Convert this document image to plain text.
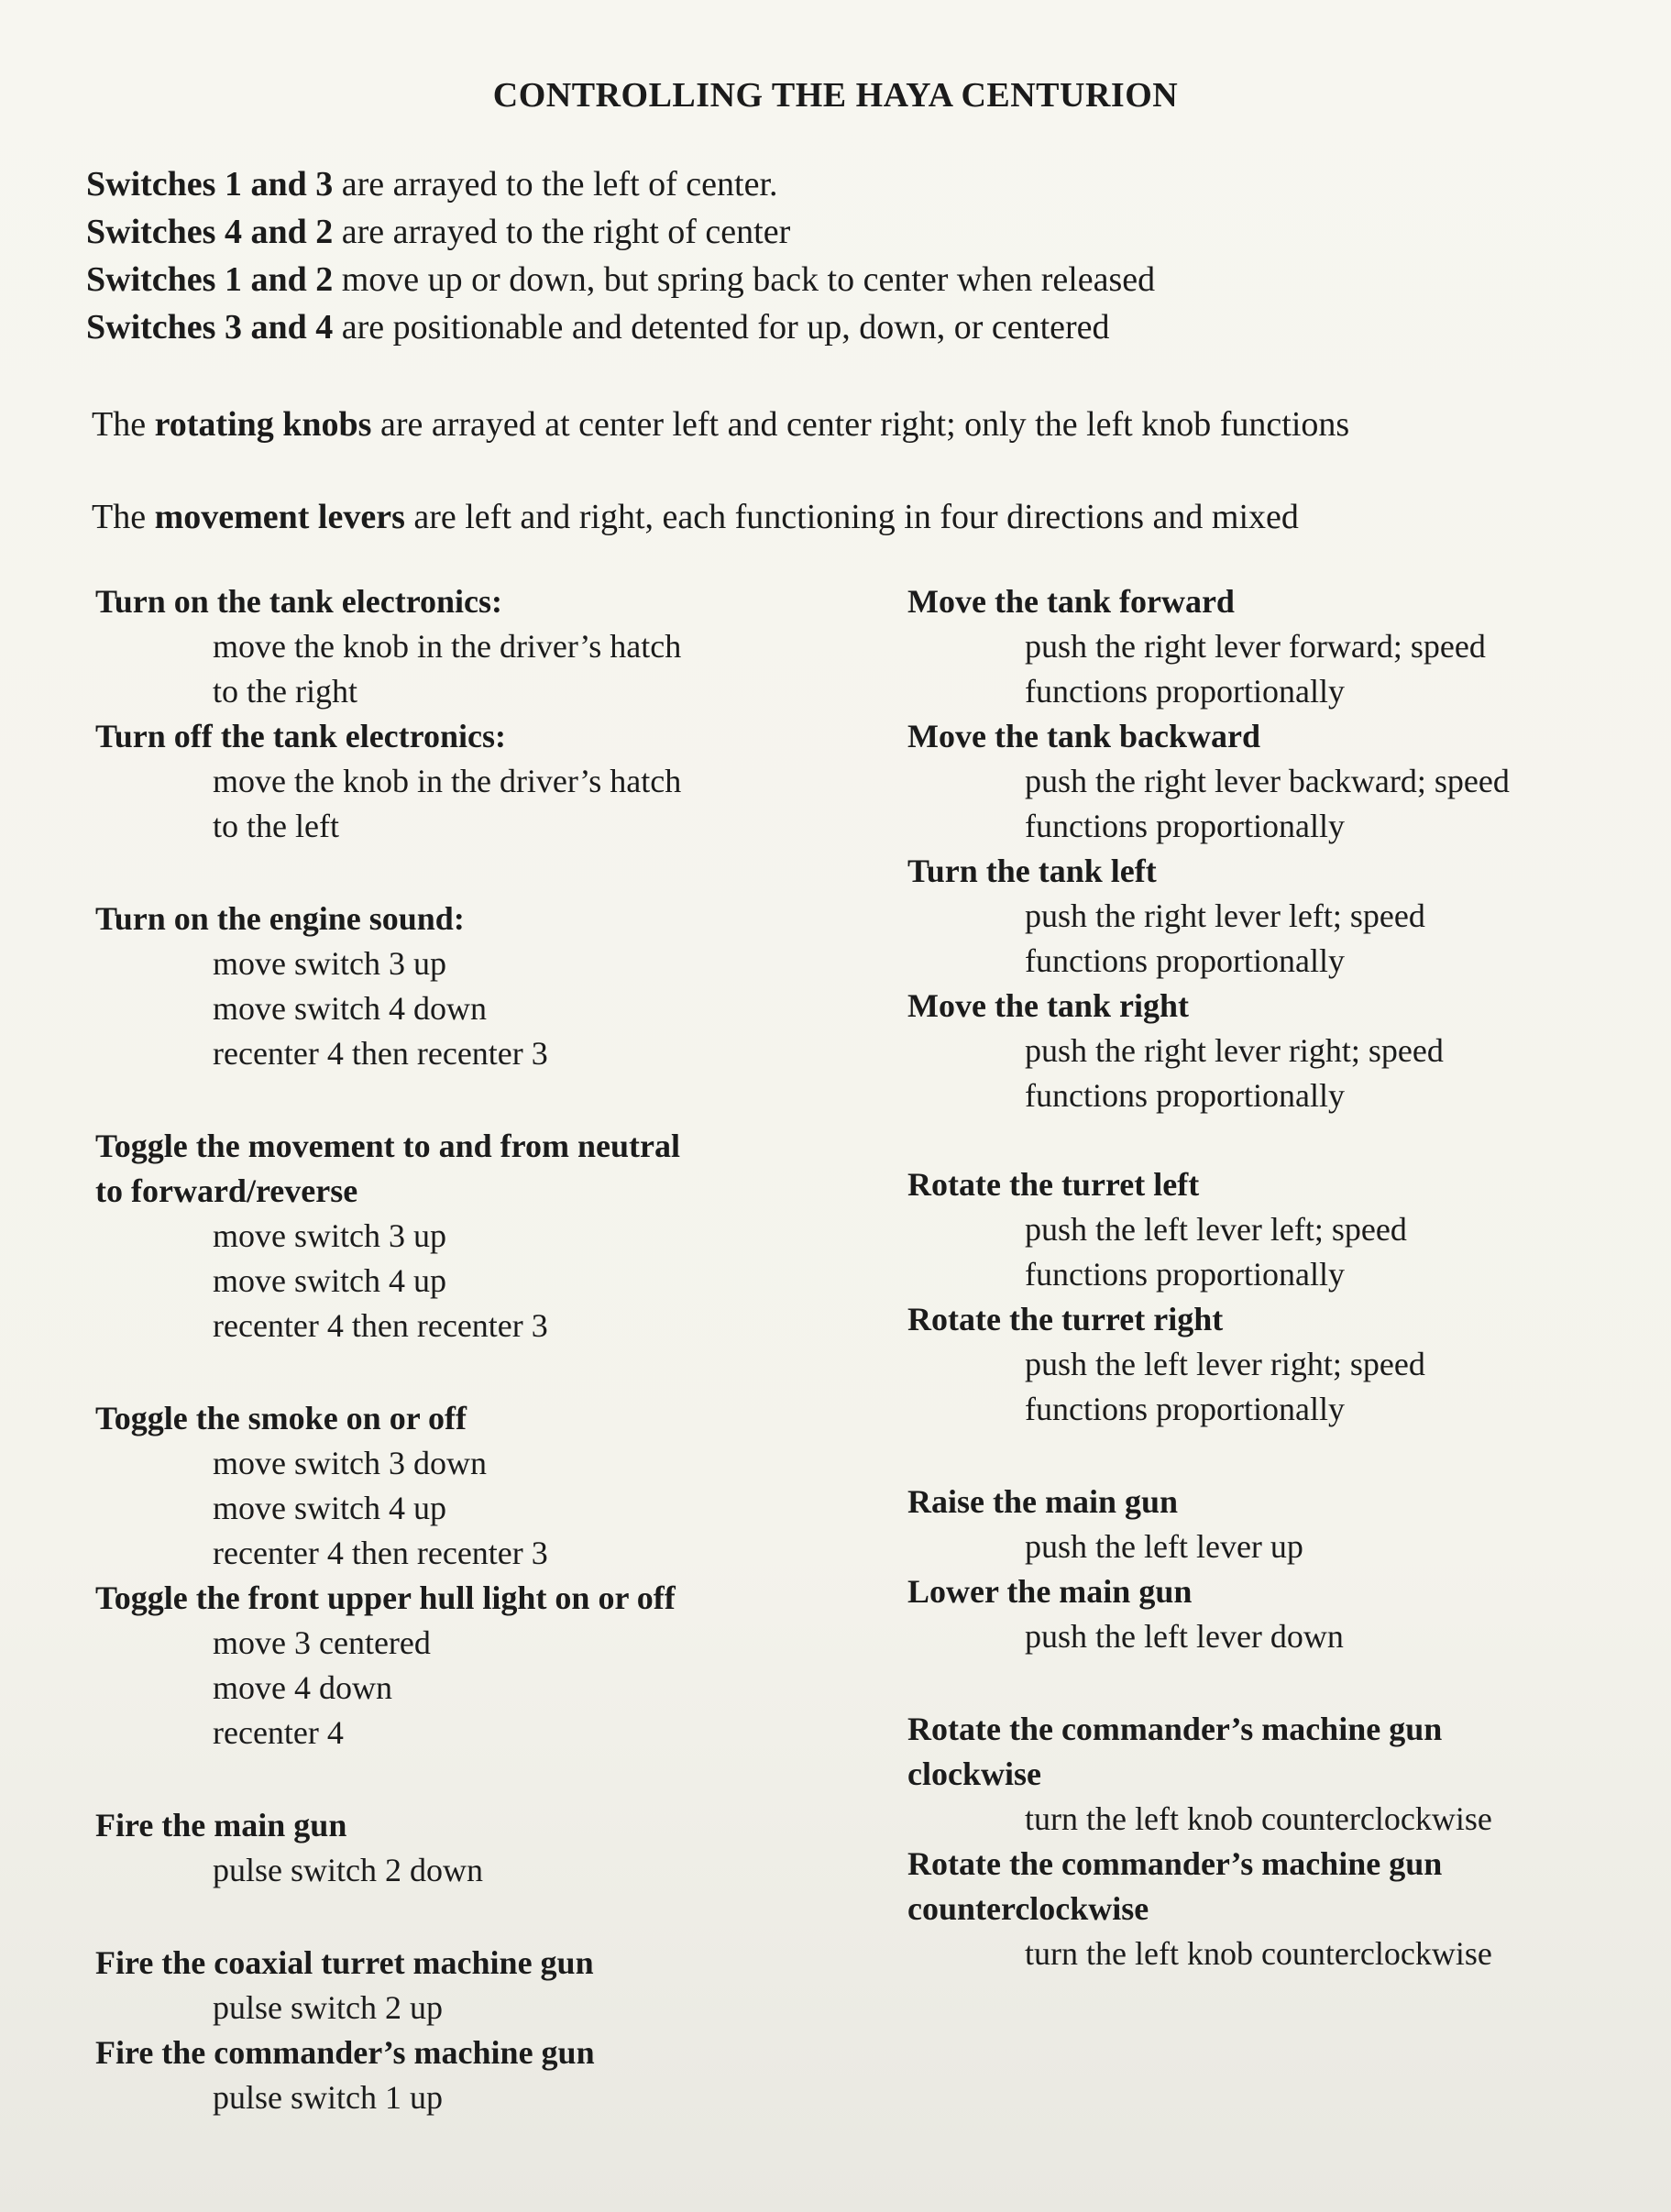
CONTROLLING THE HAYA CENTURION
Switches 1 and 3 are arrayed to the left of center.
Switches 4 and 2 are arrayed to the right of center
Switches 1 and 2 move up or down, but spring back to center when released
Switches 3 and 4 are positionable and detented for up, down, or centered
The rotating knobs are arrayed at center left and center right; only the left knob functions
The movement levers are left and right, each functioning in four directions and mixed
Turn on the tank electronics:
move the knob in the driver’s hatch
to the right
Turn off the tank electronics:
move the knob in the driver’s hatch
to the left
Turn on the engine sound:
move switch 3 up
move switch 4 down
recenter 4 then recenter 3
Toggle the movement to and from neutral
to forward/reverse
move switch 3 up
move switch 4 up
recenter 4 then recenter 3
Toggle the smoke on or off
move switch 3 down
move switch 4 up
recenter 4 then recenter 3
Toggle the front upper hull light on or off
move 3 centered
move 4 down
recenter 4
Fire the main gun
pulse switch 2 down
Fire the coaxial turret machine gun
pulse switch 2 up
Fire the commander’s machine gun
pulse switch 1 up
Move the tank forward
push the right lever forward; speed
functions proportionally
Move the tank backward
push the right lever backward; speed
functions proportionally
Turn the tank left
push the right lever left; speed
functions proportionally
Move the tank right
push the right lever right; speed
functions proportionally
Rotate the turret left
push the left lever left; speed
functions proportionally
Rotate the turret right
push the left lever right; speed
functions proportionally
Raise the main gun
push the left lever up
Lower the main gun
push the left lever down
Rotate the commander’s machine gun
clockwise
turn the left knob counterclockwise
Rotate the commander’s machine gun
counterclockwise
turn the left knob counterclockwise
